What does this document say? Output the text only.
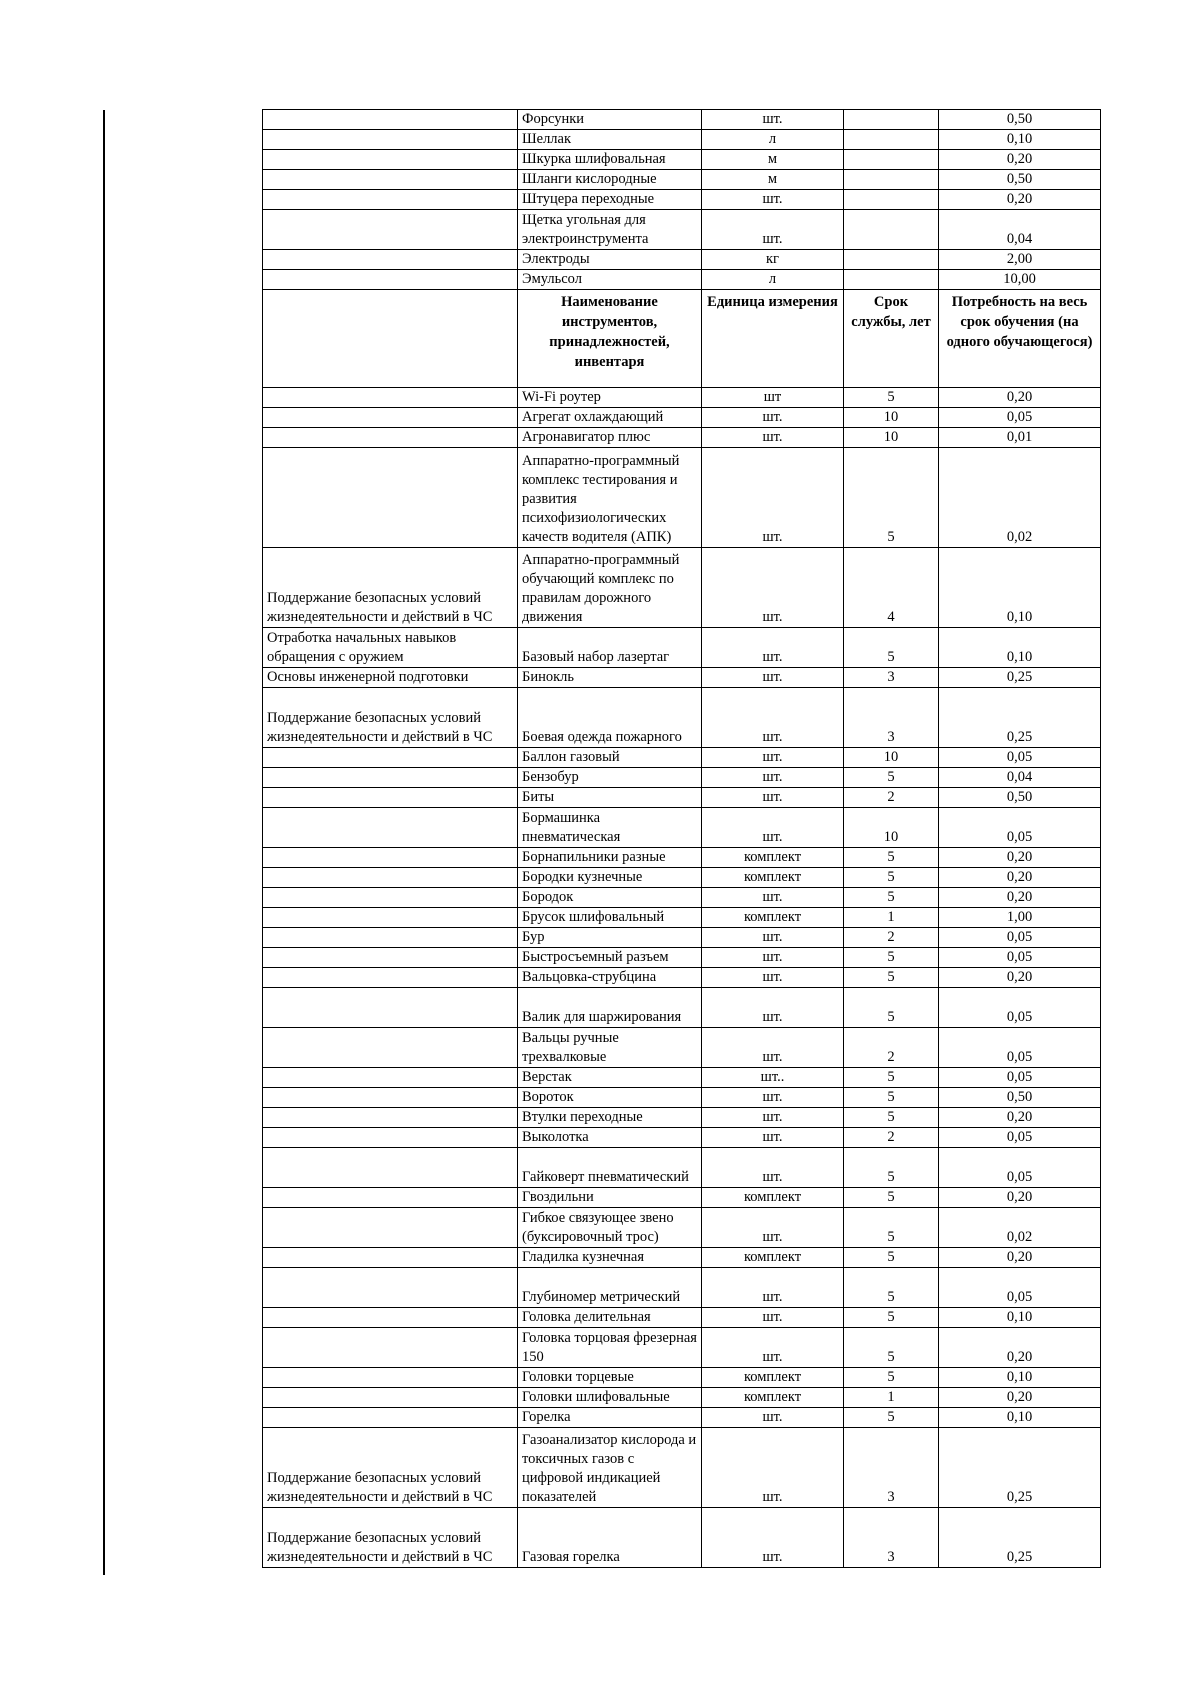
	Форсунки	шт.		0,50
	Шеллак	л		0,10
	Шкурка шлифовальная	м		0,20
	Шланги кислородные	м		0,50
	Штуцера переходные	шт.		0,20
	Щетка угольная для электроинструмента	шт.		0,04
	Электроды	кг		2,00
	Эмульсол	л		10,00
	Наименование инструментов, принадлежностей, инвентаря	Единица измерения	Срок службы, лет	Потребность на весь срок обучения (на одного обучающегося)
	Wi-Fi роутер	шт	5	0,20
	Агрегат охлаждающий	шт.	10	0,05
	Агронавигатор плюс	шт.	10	0,01
	Аппаратно-программный комплекс тестирования и развития психофизиологических качеств водителя (АПК)	шт.	5	0,02
Поддержание безопасных условий жизнедеятельности и действий в ЧС	Аппаратно-программный обучающий комплекс по правилам дорожного движения	шт.	4	0,10
Отработка начальных навыков обращения с оружием	Базовый набор лазертаг	шт.	5	0,10
Основы инженерной подготовки	Бинокль	шт.	3	0,25
Поддержание безопасных условий жизнедеятельности и действий в ЧС	Боевая одежда пожарного	шт.	3	0,25
	Баллон газовый	шт.	10	0,05
	Бензобур	шт.	5	0,04
	Биты	шт.	2	0,50
	Бормашинка пневматическая	шт.	10	0,05
	Борнапильники разные	комплект	5	0,20
	Бородки кузнечные	комплект	5	0,20
	Бородок	шт.	5	0,20
	Брусок шлифовальный	комплект	1	1,00
	Бур	шт.	2	0,05
	Быстросъемный разъем	шт.	5	0,05
	Вальцовка-струбцина	шт.	5	0,20
	Валик для шаржирования	шт.	5	0,05
	Вальцы ручные трехвалковые	шт.	2	0,05
	Верстак	шт..	5	0,05
	Вороток	шт.	5	0,50
	Втулки переходные	шт.	5	0,20
	Выколотка	шт.	2	0,05
	Гайковерт пневматический	шт.	5	0,05
	Гвоздильни	комплект	5	0,20
	Гибкое связующее звено (буксировочный трос)	шт.	5	0,02
	Гладилка кузнечная	комплект	5	0,20
	Глубиномер метрический	шт.	5	0,05
	Головка делительная	шт.	5	0,10
	Головка торцовая фрезерная 150	шт.	5	0,20
	Головки торцевые	комплект	5	0,10
	Головки шлифовальные	комплект	1	0,20
	Горелка	шт.	5	0,10
Поддержание безопасных условий жизнедеятельности и действий в ЧС	Газоанализатор кислорода и токсичных газов с цифровой индикацией показателей	шт.	3	0,25
Поддержание безопасных условий жизнедеятельности и действий в ЧС	Газовая горелка	шт.	3	0,25
